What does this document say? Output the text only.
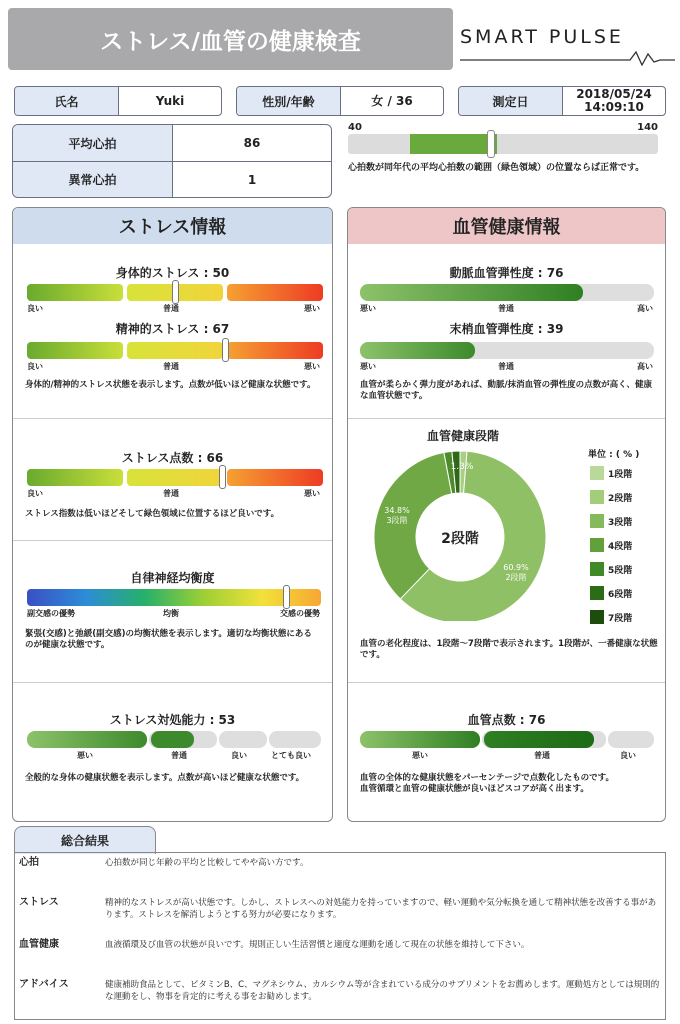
ストレス/血管の健康検査	SMART PULSE
氏名	Yuki	性別/年齢	女 / 36	測定日
2018/05/24
14:09:10
平均心拍	86
異常心拍	1
40	140
心拍数が同年代の平均心拍数の範囲（緑色領域）の位置ならば正常です。
ストレス情報
身体的ストレス : 50
良い	普通	悪い
精神的ストレス : 67
良い	普通	悪い
身体的/精神的ストレス状態を表示します。点数が低いほど健康な状態です。
ストレス点数 : 66
良い	普通	悪い
ストレス指数は低いほどそして緑色領域に位置するほど良いです。
自律神経均衡度
副交感の優勢	均衡	交感の優勢
緊張(交感)と弛緩(副交感)の均衡状態を表示します。適切な均衡状態にあるのが健康な状態です。
ストレス対処能力 : 53
悪い	普通	良い	とても良い
全般的な身体の健康状態を表示します。点数が高いほど健康な状態です。
血管健康情報
動脈血管弾性度 : 76
悪い	普通	高い
末梢血管弾性度 : 39
悪い	普通	高い
血管が柔らかく弾力度があれば、動脈/抹消血管の弾性度の点数が高く、健康な血管状態です。
血管健康段階
2段階
1.3%
60.9%
2段階
34.8%
3段階
単位 : ( % )
血管の老化程度は、1段階〜7段階で表示されます。1段階が、一番健康な状態です。
血管点数 : 76
悪い	普通	良い
血管の全体的な健康状態をパーセンテージで点数化したものです。
血管循環と血管の健康状態が良いほどスコアが高く出ます。
1段階
2段階
3段階
4段階
5段階
6段階
7段階
総合結果
心拍	心拍数が同じ年齢の平均と比較してやや高い方です。
ストレス	精神的なストレスが高い状態です。しかし、ストレスへの対処能力を持っていますので、軽い運動や気分転換を通して精神状態を改善する事があります。ストレスを解消しようとする努力が必要になります。
血管健康	血液循環及び血管の状態が良いです。規則正しい生活習慣と適度な運動を通して現在の状態を維持して下さい。
アドバイス	健康補助食品として、ビタミンB、C、マグネシウム、カルシウム等が含まれている成分のサプリメントをお薦めします。運動処方としては規則的な運動をし、物事を肯定的に考える事をお勧めします。
